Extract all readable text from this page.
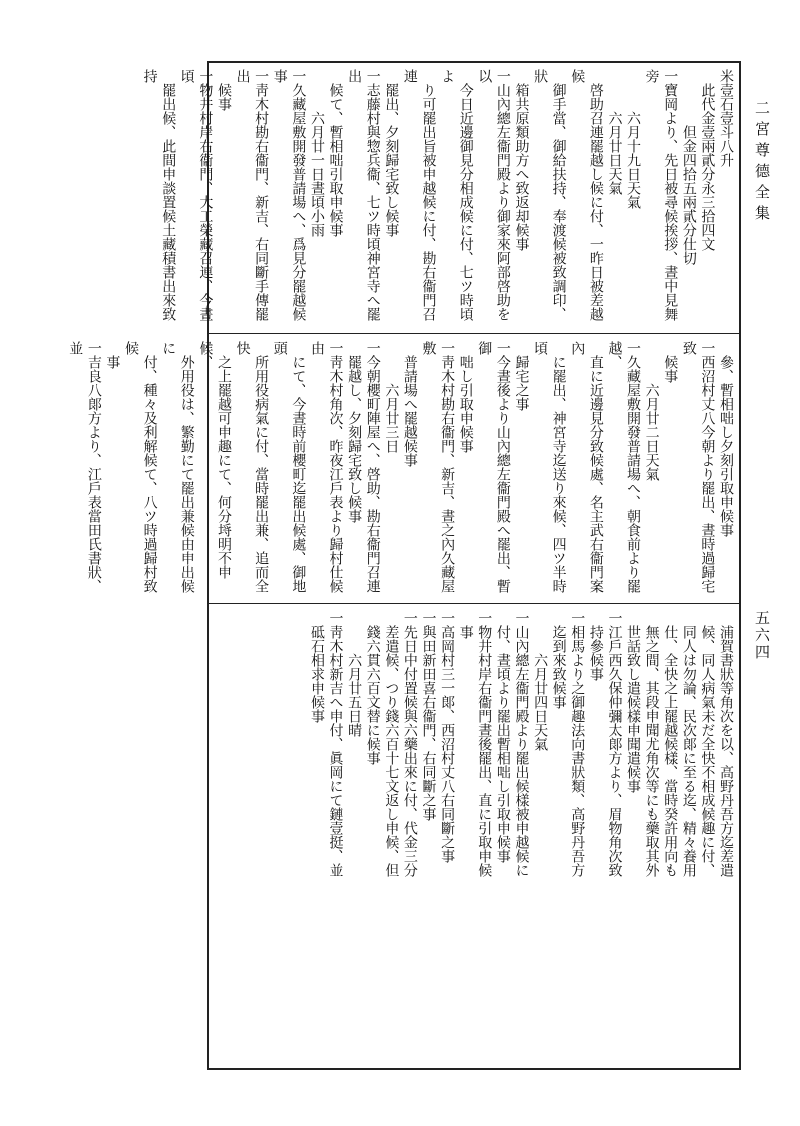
二宮尊德全集
五六四
米壹石壹斗八升
　此代金壹兩貳分永三拾四文
　　　　但金四拾五兩貳分仕切
一寶岡より、先日被尋候挨拶、晝中見舞旁
　　　六月十九日天氣
　　　六月廿日天氣
　啓助召連罷越し候に付、一昨日被差越候
　御手當、御給扶持、奉渡候被致調印、狀
　箱共原類助方へ致返却候事
一山內總左衞門殿より御家來阿部啓助を以
　今日近邊御見分相成候に付、七ツ時頃よ
　り可罷出旨被申越候に付、勘右衞門召連
　罷出、夕刻歸宅致し候事
一志藤村與惣兵衞、七ツ時頃神宮寺へ罷出
　候て、暫相咄引取申候事
　　　六月廿一日晝頃小雨
一久藏屋敷開發普請場へ、爲見分罷越候事
一靑木村勘右衞門、新吉、右同斷手傳罷出
　候事
一物井村岸右衞門、大工榮藏召連、今晝頃
　罷出候、此間申談置候土藏積書出來致持
　參、暫相咄し夕刻引取申候事
一西沼村丈八今朝より罷出、晝時過歸宅致
　候事
　　　六月廿二日天氣
一久藏屋敷開發普請場へ、朝食前より罷越、
　直に近邊見分致候處、名主武右衞門案內
　に罷出、神宮寺迄送り來候、四ツ半時頃
　歸宅之事
一今晝後より山內總左衞門殿へ罷出、暫御
　咄し引取申候事
一靑木村勘右衞門、新吉、晝之內久藏屋敷
　普請場へ罷越候事
　　　六月廿三日
一今朝櫻町陣屋へ、啓助、勘右衞門召連
　罷越し、夕刻歸宅致し候事
一靑木村角次、昨夜江戶表より歸村仕候由
　にて、今晝時前櫻町迄罷出候處、御地頭
　所用役病氣に付、當時罷出兼、追而全快
　之上罷越可申趣にて、何分埓明不申候、
　外用役は、繁勤にて罷出兼候由申出候に
　付、種々及利解候て、八ツ時過歸村致候
　事
一吉良八郞方より、江戶表當田氏書狀、並
　浦賀書狀等角次を以、高野丹吾方迄差遣
　候、同人病氣未だ全快不相成候趣に付、
　同人は勿論、民次郞に至る迄、精々養用
　仕、全快之上罷越候樣、當時癸許用向も
　無之間、其段申聞尤角次等にも藥取其外
　世話致し遣候樣申聞遣候事
一江戶西久保仲彌太郞方より、眉物角次致
　持參候事
一相馬より之御趣法向書狀類、高野丹吾方
　迄到來致候事
　　　六月廿四日天氣
一山內總左衞門殿より罷出候樣被申越候に
　付、晝頃より罷出暫相咄し引取申候事
一物井村岸右衞門晝後罷出、直に引取申候
　事
一高岡村三一郞、西沼村丈八右同斷之事
一與田新田喜右衞門、右同斷之事
一先日中付置候與六藥出來に付、代金三分
　差遣候、つり錢六百十七文返し申候、但
　錢六貫六百文替に候事
　　　六月廿五日晴
一靑木村新吉へ申付、眞岡にて鏈壹挺、並
　砥石相求申候事
